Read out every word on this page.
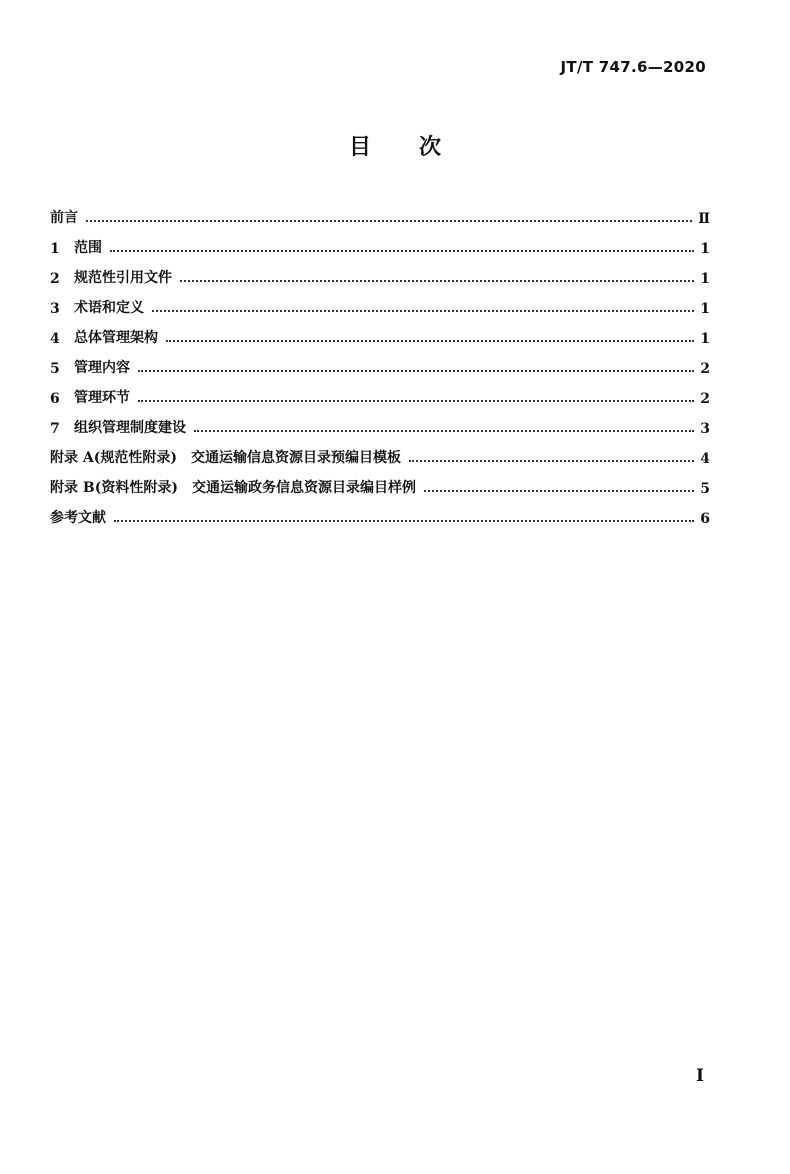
JT/T 747.6—2020
目 次
前言	Ⅱ
1	范围	1
2	规范性引用文件	1
3	术语和定义	1
4	总体管理架构	1
5	管理内容	2
6	管理环节	2
7	组织管理制度建设	3
附录 A(规范性附录)　交通运输信息资源目录预编目模板	4
附录 B(资料性附录)　交通运输政务信息资源目录编目样例	5
参考文献	6
Ⅰ
